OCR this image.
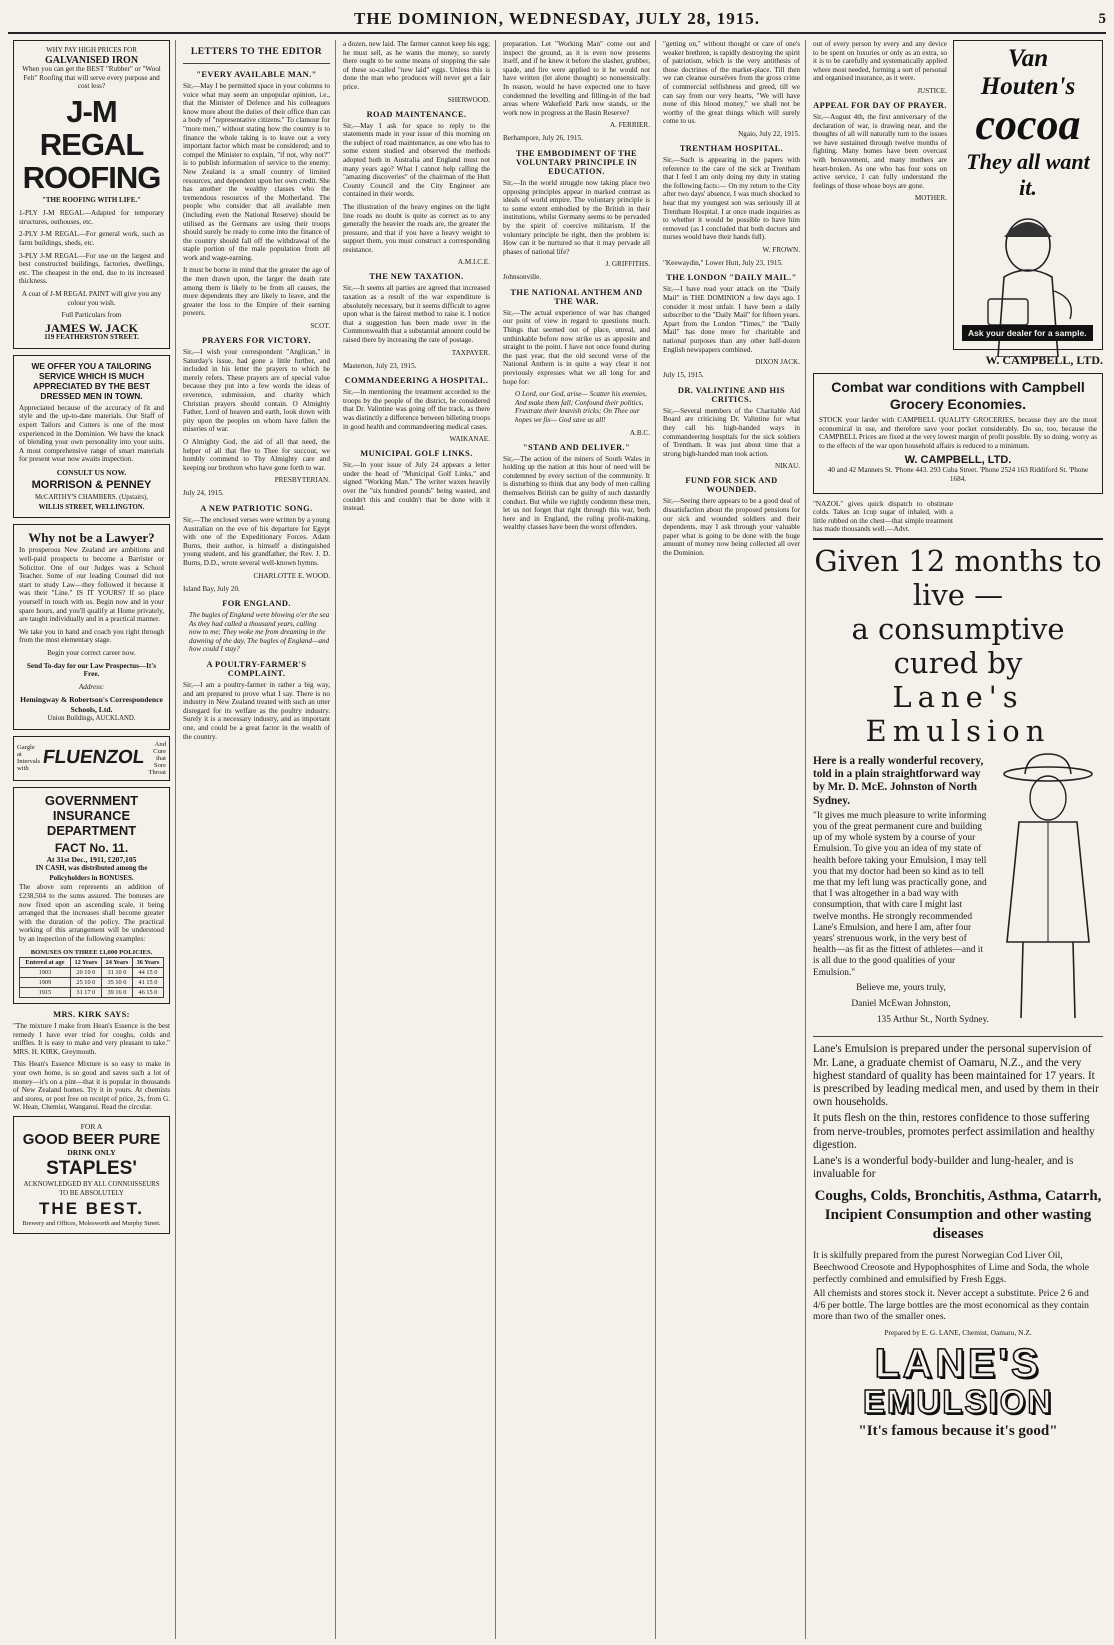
THE DOMINION, WEDNESDAY, JULY 28, 1915.	5
WHY PAY HIGH PRICES FOR
GALVANISED IRON
When you can get the BEST "Rubber" or "Wool Felt" Roofing that will serve every purpose and cost less?
J-M REGAL ROOFING
"THE ROOFING WITH LIFE."
1-PLY J-M REGAL—Adapted for temporary structures, outhouses, etc.
2-PLY J-M REGAL—For general work, such as farm buildings, sheds, etc.
3-PLY J-M REGAL—For use on the largest and best constructed buildings, factories, dwellings, etc. The cheapest in the end, due to its increased thickness.
A coat of J-M REGAL PAINT will give you any colour you wish.
Full Particulars from
JAMES W. JACK
119 FEATHERSTON STREET.
WE OFFER YOU A TAILORING SERVICE WHICH IS MUCH APPRECIATED BY THE BEST DRESSED MEN IN TOWN.
Appreciated because of the accuracy of fit and style and the up-to-date materials. Our Staff of expert Tailors and Cutters is one of the most experienced in the Dominion. We have the knack of blending your own personality into your suits. A most comprehensive range of smart materials for present wear now awaits inspection.
CONSULT US NOW.
MORRISON & PENNEY
McCARTHY'S CHAMBERS. (Upstairs),
WILLIS STREET, WELLINGTON.
Why not be a Lawyer?
In prosperous New Zealand are ambitions and well-paid prospects to become a Barrister or Solicitor. One of our Judges was a School Teacher. Some of our leading Counsel did not start to study Law—they followed it because it was their "Line." IS IT YOURS? If so place yourself in touch with us. Begin now and in your spare hours, and you'll qualify at Home privately, are taught individually and in a practical manner.
We take you in hand and coach you right through from the most elementary stage.
Begin your correct career now.
Send To-day for our Law Prospectus—It's Free.
Address:
Hemingway & Robertson's Correspondence Schools, Ltd.
Union Buildings, AUCKLAND.
Gargle at Intervals with
FLUENZOL
And Cure that Sore Throat
GOVERNMENT INSURANCE DEPARTMENT
FACT No. 11.
At 31st Dec., 1911, £207,105
IN CASH, was distributed among the Policyholders in BONUSES.
The above sum represents an addition of £238,504 to the sums assured. The bonuses are now fixed upon an ascending scale, it being arranged that the increases shall become greater with the duration of the policy. The practical working of this arrangement will be understood by an inspection of the following examples:
BONUSES ON THREE £1,000 POLICIES.
Entered at age	12 Years	24 Years	36 Years
1903	20 10 0	31 10 0	44 15 0
1909	25 10 0	35 10 0	41 15 0
1915	31 17 0	39 16 0	46 15 0
MRS. KIRK SAYS:
"The mixture I make from Hean's Essence is the best remedy I have ever tried for coughs, colds and sniffles. It is easy to make and very pleasant to take." MRS. H. KIRK, Greymouth.
This Hean's Essence Mixture is so easy to make in your own home, is so good and saves such a lot of money—it's on a pint—that it is popular in thousands of New Zealand homes. Try it in yours. At chemists and stores, or post free on receipt of price, 2s, from G. W. Hean, Chemist, Wanganui. Read the circular.
FOR A
GOOD BEER PURE
DRINK ONLY
STAPLES'
ACKNOWLEDGED BY ALL CONNOISSEURS TO BE ABSOLUTELY
THE BEST.
Brewery and Offices, Molesworth and Murphy Street.
LETTERS TO THE EDITOR
"EVERY AVAILABLE MAN."
Sir,—May I be permitted space in your columns to voice what may seem an unpopular opinion, i.e., that the Minister of Defence and his colleagues know more about the duties of their office than can a body of "representative citizens." To clamour for "more men," without stating how the country is to finance the whole taking is to leave out a very important factor which must be considered; and to compel the Minister to explain, "if not, why not?" is to publish information of service to the enemy. New Zealand is a small country of limited resources, and dependent upon her own credit. She has another the wealthy classes who the tremendous resources of the Motherland. The people who consider that all available men (including even the National Reserve) should be utilised as the Germans are using their troops should surely be ready to come into the finance of the country should fall off the withdrawal of the staple portion of the male population from all work and wage-earning.
It must be borne in mind that the greater the age of the men drawn upon, the larger the death rate among them is likely to be from all causes, the more dependents they are likely to leave, and the greater the loss to the Empire of their earning powers.
SCOT.
PRAYERS FOR VICTORY.
Sir,—I wish your correspondent "Anglican," in Saturday's issue, had gone a little further, and included in his letter the prayers to which he merely refers. These prayers are of special value because they put into a few words the ideas of reverence, submission, and charity which Christian prayers should contain. O Almighty Father, Lord of heaven and earth, look down with pity upon the peoples on whom have fallen the miseries of war.
O Almighty God, the aid of all that need, the helper of all that flee to Thee for succour, we humbly commend to Thy Almighty care and keeping our brethren who have gone forth to war.
PRESBYTERIAN.
July 24, 1915.
A NEW PATRIOTIC SONG.
Sir,—The enclosed verses were written by a young Australian on the eve of his departure for Egypt with one of the Expeditionary Forces. Adam Burns, their author, is himself a distinguished young student, and his grandfather, the Rev. J. D. Burns, D.D., wrote several well-known hymns.
CHARLOTTE E. WOOD.
Island Bay, July 20.
FOR ENGLAND.
The bugles of England were blowing o'er the sea As they had called a thousand years, calling now to me; They woke me from dreaming in the dawning of the day, The bugles of England—and how could I stay?
A POULTRY-FARMER'S COMPLAINT.
Sir,—I am a poultry-farmer in rather a big way, and am prepared to prove what I say. There is no industry in New Zealand treated with such an utter disregard for its welfare as the poultry industry. Surely it is a necessary industry, and as important one, and could be a great factor in the wealth of the country.
a dozen, new laid. The farmer cannot keep his egg; he must sell, as he wants the money, so surely there ought to be some means of stopping the sale of these so-called "new laid" eggs. Unless this is done the man who produces will never get a fair price.
SHERWOOD.
ROAD MAINTENANCE.
Sir,—May I ask for space to reply to the statements made in your issue of this morning on the subject of road maintenance, as one who has to some extent studied and observed the methods adopted both in Australia and England must not many years ago? What I cannot help calling the "amazing discoveries" of the chairman of the Hutt County Council and the City Engineer are contained in their words.
The illustration of the heavy engines on the light line roads no doubt is quite as correct as to any generally the heavier the roads are, the greater the pressure, and that if you have a heavy weight to support them, you must construct a corresponding resistance.
A.M.I.C.E.
THE NEW TAXATION.
Sir,—It seems all parties are agreed that increased taxation as a result of the war expenditure is absolutely necessary, but it seems difficult to agree upon what is the fairest method to raise it. I notice that a suggestion has been made over in the Commonwealth that a substantial amount could be raised there by increasing the rate of postage.
TAXPAYER.
Masterton, July 23, 1915.
COMMANDEERING A HOSPITAL.
Sir,—In mentioning the treatment accorded to the troops by the people of the district, he considered that Dr. Valintine was going off the track, as there was distinctly a difference between billeting troops in good health and commandeering medical cases.
WAIKANAE.
MUNICIPAL GOLF LINKS.
Sir,—In your issue of July 24 appears a letter under the head of "Municipal Golf Links," and signed "Working Man." The writer waxes heavily over the "six hundred pounds" being wasted, and couldn't this and couldn't that be done with it instead.
preparation. Let "Working Man" come out and inspect the ground, as it is even now presents itself, and if he knew it before the slasher, grubber, spade, and fire were applied to it he would not have written (let alone thought) so nonsensically. In reason, would he have expected one to have condemned the levelling and filling-in of the bad areas where Wakefield Park now stands, or the work now in progress at the Basin Reserve?
A. FERRIER.
Berhampore, July 26, 1915.
THE EMBODIMENT OF THE VOLUNTARY PRINCIPLE IN EDUCATION.
Sir,—In the world struggle now taking place two opposing principles appear in marked contrast as ideals of world empire. The voluntary principle is to some extent embodied by the British in their institutions, whilst Germany seems to be pervaded by the spirit of coercive militarism. If the voluntary principle be right, then the problem is: How can it be nurtured so that it may pervade all phases of national life?
J. GRIFFITHS.
Johnsonville.
THE NATIONAL ANTHEM AND THE WAR.
Sir,—The actual experience of war has changed our point of view in regard to questions much. Things that seemed out of place, unreal, and unthinkable before now strike us as apposite and straight to the point. I have not once found during the past year, that the old second verse of the National Anthem is in quite a way clear it not previously expresses what we all long for and hope for:
O Lord, our God, arise— Scatter his enemies, And make them fall; Confound their politics, Frustrate their knavish tricks; On Thee our hopes we fix— God save us all!
A.B.C.
"STAND AND DELIVER."
Sir,—The action of the miners of South Wales in holding up the nation at this hour of need will be condemned by every section of the community. It is disturbing to think that any body of men calling themselves British can be guilty of such dastardly conduct. But while we rightly condemn these men, let us not forget that right through this war, both here and in England, the ruling profit-making, wealthy classes have been the worst offenders.
"getting on," without thought or care of one's weaker brethren, is rapidly destroying the spirit of patriotism, which is the very antithesis of those doctrines of the market-place. Till then we can cleanse ourselves from the gross crime of commercial selfishness and greed, till we can say from our very hearts, "We will have none of this blood money," we shall not be worthy of the great things which will surely come to us.
Ngaio, July 22, 1915.
TRENTHAM HOSPITAL.
Sir,—Such is appearing in the papers with reference to the care of the sick at Trentham that I feel I am only doing my duty in stating the following facts:— On my return to the City after two days' absence, I was much shocked to hear that my youngest son was seriously ill at Trentham Hospital. I at once made inquiries as to whether it would be possible to have him removed (as I concluded that both doctors and nurses would have their hands full).
W. FROWN.
"Keewaydin," Lower Hutt, July 23, 1915.
THE LONDON "DAILY MAIL."
Sir,—I have read your attack on the "Daily Mail" in THE DOMINION a few days ago. I consider it most unfair. I have been a daily subscriber to the "Daily Mail" for fifteen years. Apart from the London "Times," the "Daily Mail" has done more for charitable and national purposes than any other half-dozen English newspapers combined.
DIXON JACK.
July 15, 1915.
DR. VALINTINE AND HIS CRITICS.
Sir,—Several members of the Charitable Aid Board are criticising Dr. Valintine for what they call his high-handed ways in commandeering hospitals for the sick soldiers of Trentham. It was just about time that a strong high-handed man took action.
NIKAU.
FUND FOR SICK AND WOUNDED.
Sir,—Seeing there appears to be a good deal of dissatisfaction about the proposed pensions for our sick and wounded soldiers and their dependents, may I ask through your valuable paper what is going to be done with the huge amount of money now being collected all over the Dominion.
out of every person by every and any device to be spent on luxuries or only as an extra, so it is to be carefully and systematically applied where most needed, forming a sort of personal and organised insurance, as it were.
JUSTICE.
APPEAL FOR DAY OF PRAYER.
Sir,—August 4th, the first anniversary of the declaration of war, is drawing near, and the thoughts of all will naturally turn to the issues we have sustained through twelve months of fighting. Many homes have been overcast with bereavement, and many mothers are heart-broken. As one who has four sons on active service, I can fully understand the feelings of those whose boys are gone.
MOTHER.
Van Houten's
cocoa
They all want it.
Ask your dealer for a sample.
W. CAMPBELL, LTD.
Combat war conditions with Campbell Grocery Economies.
STOCK your larder with CAMPBELL QUALITY GROCERIES, because they are the most economical in use, and therefore save your pocket considerably. Do so, too, because the CAMPBELL Prices are fixed at the very lowest margin of profit possible. By so doing, worry as to the effects of the war upon household affairs is reduced to a minimum.
W. CAMPBELL, LTD.
40 and 42 Manners St. 'Phone 443. 293 Cuba Street. 'Phone 2524 163 Riddiford St. 'Phone 1684.
"NAZOL" gives quick dispatch to obstinate colds. Takes an 1cup sugar of inhaled, with a little rubbed on the chest—that simple treatment has made thousands well.—Advt.
Given 12 months to live —
a consumptive cured by
Lane's Emulsion
Here is a really wonderful recovery, told in a plain straightforward way by Mr. D. McE. Johnston of North Sydney.
"It gives me much pleasure to write informing you of the great permanent cure and building up of my whole system by a course of your Emulsion. To give you an idea of my state of health before taking your Emulsion, I may tell you that my doctor had been so kind as to tell me that my left lung was practically gone, and that I was altogether in a bad way with consumption, that with care I might last twelve months. He strongly recommended Lane's Emulsion, and here I am, after four years' strenuous work, in the very best of health—as fit as the fittest of athletes—and it is all due to the good qualities of your Emulsion."
Believe me, yours truly,
Daniel McEwan Johnston,
135 Arthur St., North Sydney.
Lane's Emulsion is prepared under the personal supervision of Mr. Lane, a graduate chemist of Oamaru, N.Z., and the very highest standard of quality has been maintained for 17 years. It is prescribed by leading medical men, and used by them in their own households.
It puts flesh on the thin, restores confidence to those suffering from nerve-troubles, promotes perfect assimilation and healthy digestion.
Lane's is a wonderful body-builder and lung-healer, and is invaluable for
Coughs, Colds, Bronchitis, Asthma, Catarrh, Incipient Consumption and other wasting diseases
It is skilfully prepared from the purest Norwegian Cod Liver Oil, Beechwood Creosote and Hypophosphites of Lime and Soda, the whole perfectly combined and emulsified by Fresh Eggs.
All chemists and stores stock it. Never accept a substitute. Price 2 6 and 4/6 per bottle. The large bottles are the most economical as they contain more than two of the smaller ones.
Prepared by E. G. LANE, Chemist, Oamaru, N.Z.
LANE'S
EMULSION
"It's famous because it's good"
